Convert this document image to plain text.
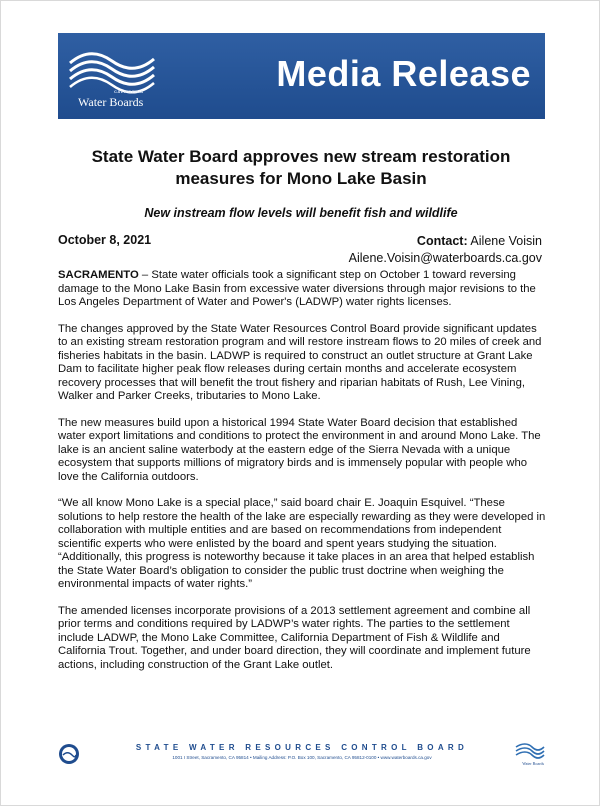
CALIFORNIA
Water Boards
Media Release
State Water Board approves new stream restoration
measures for Mono Lake Basin
New instream flow levels will benefit fish and wildlife
October 8, 2021	Contact: Ailene Voisin
Ailene.Voisin@waterboards.ca.gov

SACRAMENTO – State water officials took a significant step on October 1 toward reversing damage to the Mono Lake Basin from excessive water diversions through major revisions to the Los Angeles Department of Water and Power's (LADWP) water rights licenses.

The changes approved by the State Water Resources Control Board provide significant updates to an existing stream restoration program and will restore instream flows to 20 miles of creek and fisheries habitats in the basin. LADWP is required to construct an outlet structure at Grant Lake Dam to facilitate higher peak flow releases during certain months and accelerate ecosystem recovery processes that will benefit the trout fishery and riparian habitats of Rush, Lee Vining, Walker and Parker Creeks, tributaries to Mono Lake.

The new measures build upon a historical 1994 State Water Board decision that established water export limitations and conditions to protect the environment in and around Mono Lake. The lake is an ancient saline waterbody at the eastern edge of the Sierra Nevada with a unique ecosystem that supports millions of migratory birds and is immensely popular with people who love the California outdoors.

“We all know Mono Lake is a special place,” said board chair E. Joaquin Esquivel. “These solutions to help restore the health of the lake are especially rewarding as they were developed in collaboration with multiple entities and are based on recommendations from independent scientific experts who were enlisted by the board and spent years studying the situation. “Additionally, this progress is noteworthy because it take places in an area that helped establish the State Water Board’s obligation to consider the public trust doctrine when weighing the environmental impacts of water rights.”

The amended licenses incorporate provisions of a 2013 settlement agreement and combine all prior terms and conditions required by LADWP’s water rights. The parties to the settlement include LADWP, the Mono Lake Committee, California Department of Fish & Wildlife and California Trout. Together, and under board direction, they will coordinate and implement future actions, including construction of the Grant Lake outlet.

STATE WATER RESOURCES CONTROL BOARD
1001 I Street, Sacramento, CA 95814 • Mailing Address: P.O. Box 100, Sacramento, CA 95812-0100 • www.waterboards.ca.gov
Water Boards
